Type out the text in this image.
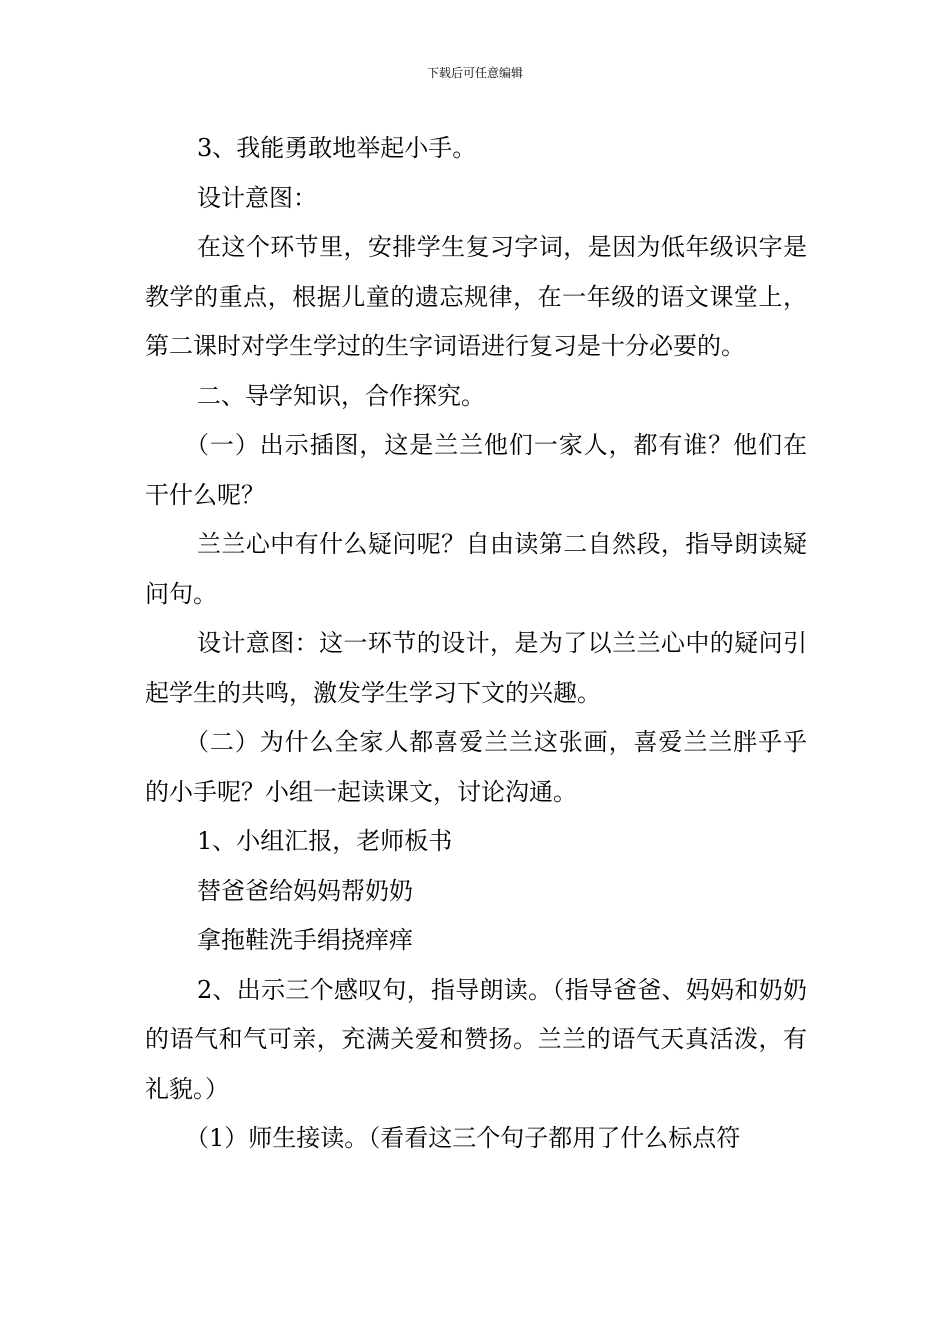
下载后可任意编辑

3、我能勇敢地举起小手。

设计意图：

在这个环节里，安排学生复习字词，是因为低年级识字是教学的重点，根据儿童的遗忘规律，在一年级的语文课堂上，第二课时对学生学过的生字词语进行复习是十分必要的。

二、导学知识，合作探究。

（一）出示插图，这是兰兰他们一家人，都有谁？他们在干什么呢？

兰兰心中有什么疑问呢？自由读第二自然段，指导朗读疑问句。

设计意图：这一环节的设计，是为了以兰兰心中的疑问引起学生的共鸣，激发学生学习下文的兴趣。

（二）为什么全家人都喜爱兰兰这张画，喜爱兰兰胖乎乎的小手呢？小组一起读课文，讨论沟通。

1、小组汇报，老师板书

替爸爸给妈妈帮奶奶

拿拖鞋洗手绢挠痒痒

2、出示三个感叹句，指导朗读。（指导爸爸、妈妈和奶奶的语气和气可亲，充满关爱和赞扬。兰兰的语气天真活泼，有礼貌。）

（1）师生接读。（看看这三个句子都用了什么标点符
